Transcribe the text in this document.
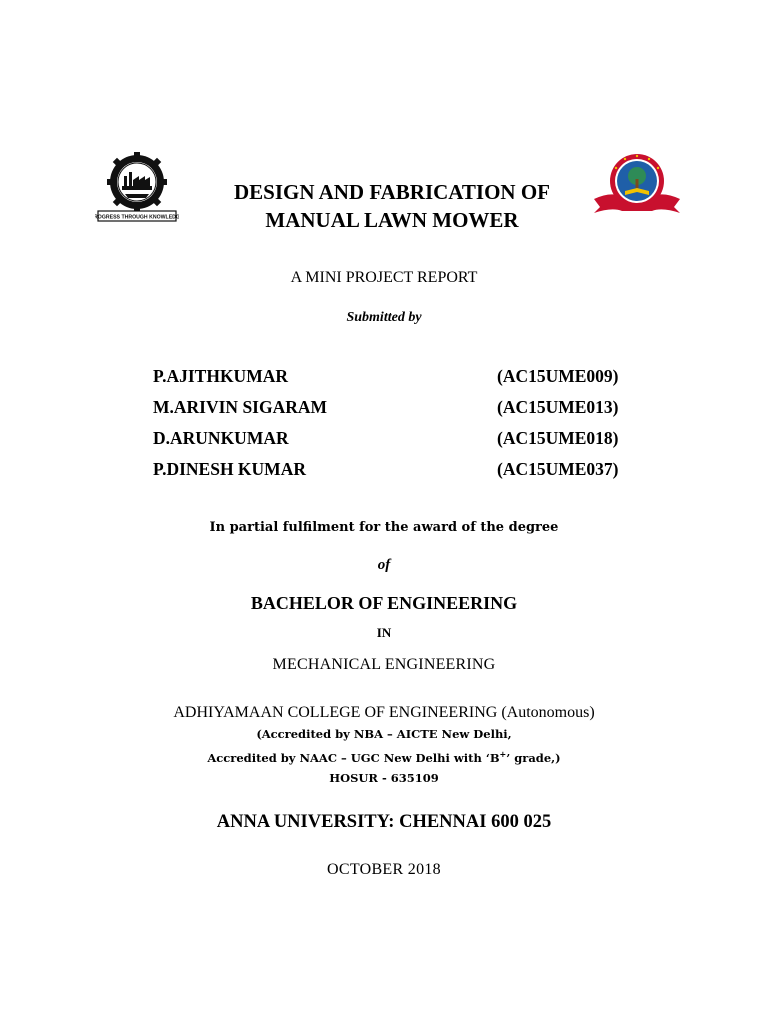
PROGRESS THROUGH KNOWLEDGE
DESIGN AND FABRICATION OF
MANUAL LAWN MOWER
A MINI PROJECT REPORT
Submitted by
P.AJITHKUMAR	(AC15UME009)
M.ARIVIN SIGARAM	(AC15UME013)
D.ARUNKUMAR	(AC15UME018)
P.DINESH KUMAR	(AC15UME037)
In partial fulfilment for the award of the degree
of
BACHELOR OF ENGINEERING
IN
MECHANICAL ENGINEERING
ADHIYAMAAN COLLEGE OF ENGINEERING (Autonomous)
(Accredited by NBA – AICTE New Delhi,
Accredited by NAAC – UGC New Delhi with ‘B+’ grade,)
HOSUR - 635109
ANNA UNIVERSITY: CHENNAI 600 025
OCTOBER 2018
